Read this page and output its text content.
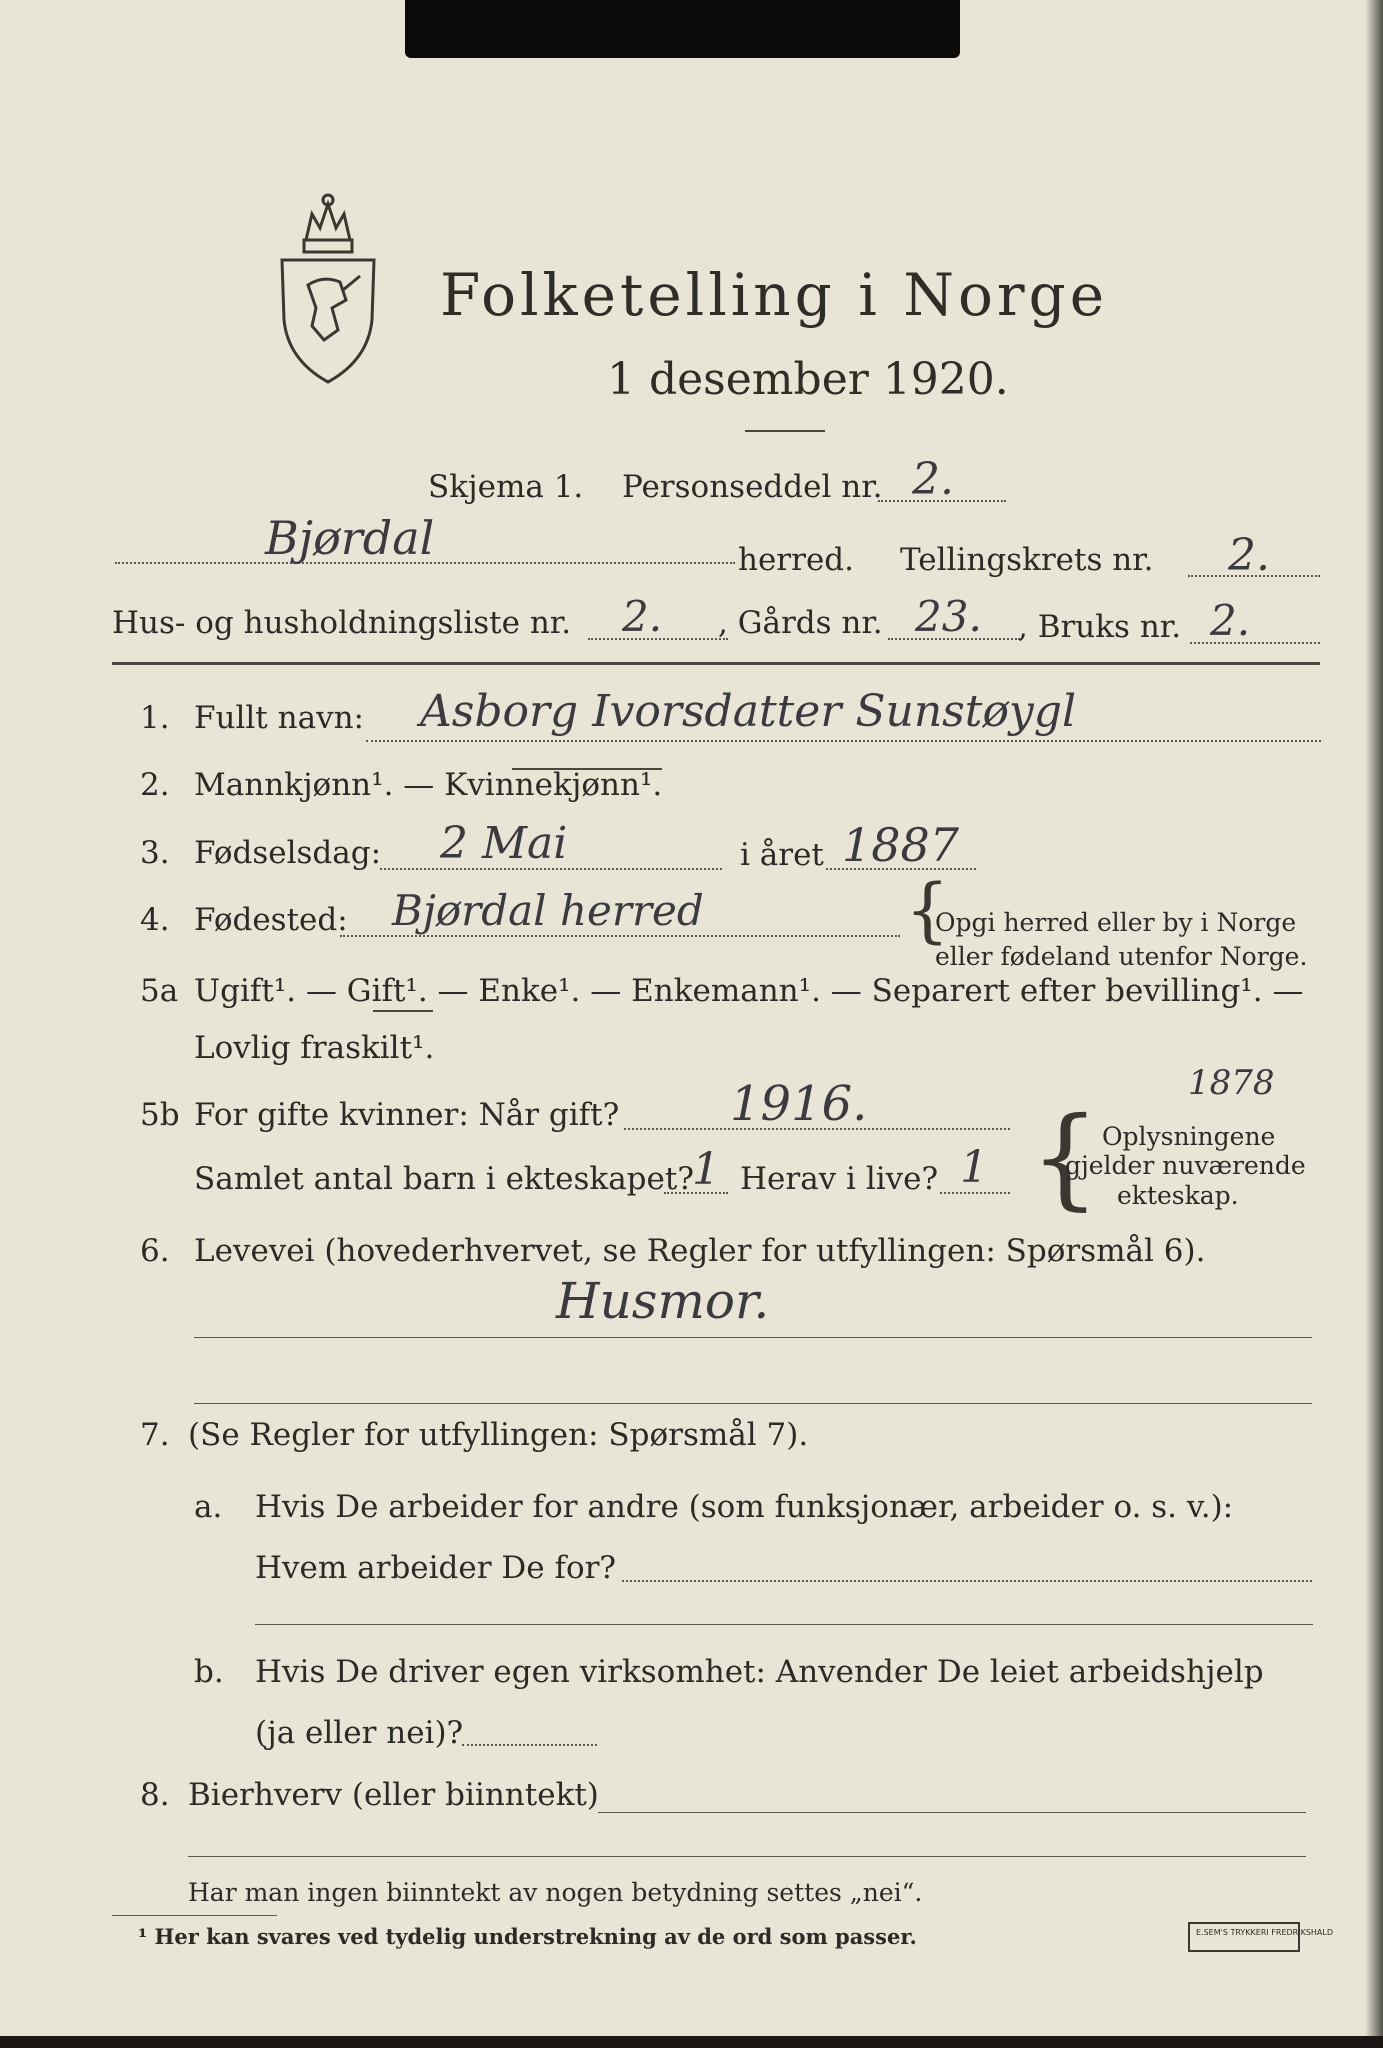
Folketelling i Norge
1 desember 1920.
Skjema 1. Personseddel nr. 2.
Bjørdal	herred. Tellingskrets nr. 2.
Hus- og husholdningsliste nr. 2. , Gårds nr. 23. , Bruks nr. 2.
1. Fullt navn: Asborg Ivorsdatter Sunstøygl
2. Mannkjønn¹. — Kvinnekjønn¹.
3. Fødselsdag: 2 Mai	i året 1887
4. Fødested: Bjørdal herred	{
Opgi herred eller by i Norge
eller fødeland utenfor Norge.
5a Ugift¹. — Gift¹. — Enke¹. — Enkemann¹. — Separert efter bevilling¹. —
Lovlig fraskilt¹.
5b For gifte kvinner: Når gift? 1916.	1878
Samlet antal barn i ekteskapet?
1 Herav i live? 1 { Oplysningene
gjelder nuværende
ekteskap.
6. Levevei (hovederhvervet, se Regler for utfyllingen: Spørsmål 6).
Husmor.
7. (Se Regler for utfyllingen: Spørsmål 7).
a. Hvis De arbeider for andre (som funksjonær, arbeider o. s. v.):
Hvem arbeider De for?
b. Hvis De driver egen virksomhet: Anvender De leiet arbeidshjelp
(ja eller nei)?
8. Bierhverv (eller biinntekt)
Har man ingen biinntekt av nogen betydning settes „nei“.
¹ Her kan svares ved tydelig understrekning av de ord som passer.	E.SEM'S TRYKKERI FREDRIKSHALD
